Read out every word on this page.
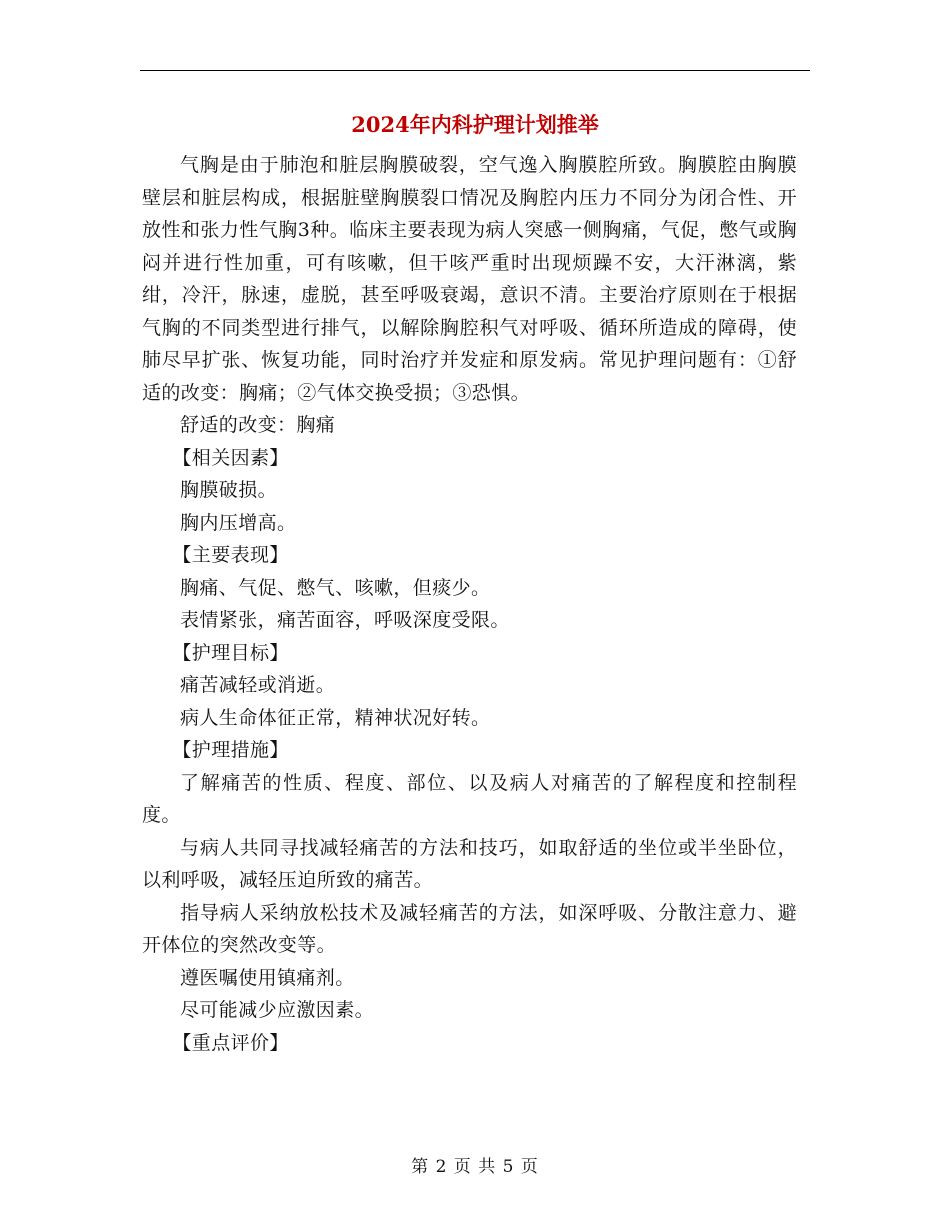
2024年内科护理计划推举

气胸是由于肺泡和脏层胸膜破裂，空气逸入胸膜腔所致。胸膜腔由胸膜壁层和脏层构成，根据脏壁胸膜裂口情况及胸腔内压力不同分为闭合性、开放性和张力性气胸3种。临床主要表现为病人突感一侧胸痛，气促，憋气或胸闷并进行性加重，可有咳嗽，但干咳严重时出现烦躁不安，大汗淋漓，紫绀，冷汗，脉速，虚脱，甚至呼吸衰竭，意识不清。主要治疗原则在于根据气胸的不同类型进行排气，以解除胸腔积气对呼吸、循环所造成的障碍，使肺尽早扩张、恢复功能，同时治疗并发症和原发病。常见护理问题有：①舒适的改变：胸痛；②气体交换受损；③恐惧。

舒适的改变：胸痛

【相关因素】

胸膜破损。

胸内压增高。

【主要表现】

胸痛、气促、憋气、咳嗽，但痰少。

表情紧张，痛苦面容，呼吸深度受限。

【护理目标】

痛苦减轻或消逝。

病人生命体征正常，精神状况好转。

【护理措施】

了解痛苦的性质、程度、部位、以及病人对痛苦的了解程度和控制程度。

与病人共同寻找减轻痛苦的方法和技巧，如取舒适的坐位或半坐卧位，以利呼吸，减轻压迫所致的痛苦。

指导病人采纳放松技术及减轻痛苦的方法，如深呼吸、分散注意力、避开体位的突然改变等。

遵医嘱使用镇痛剂。

尽可能减少应激因素。

【重点评价】

第 2 页 共 5 页
